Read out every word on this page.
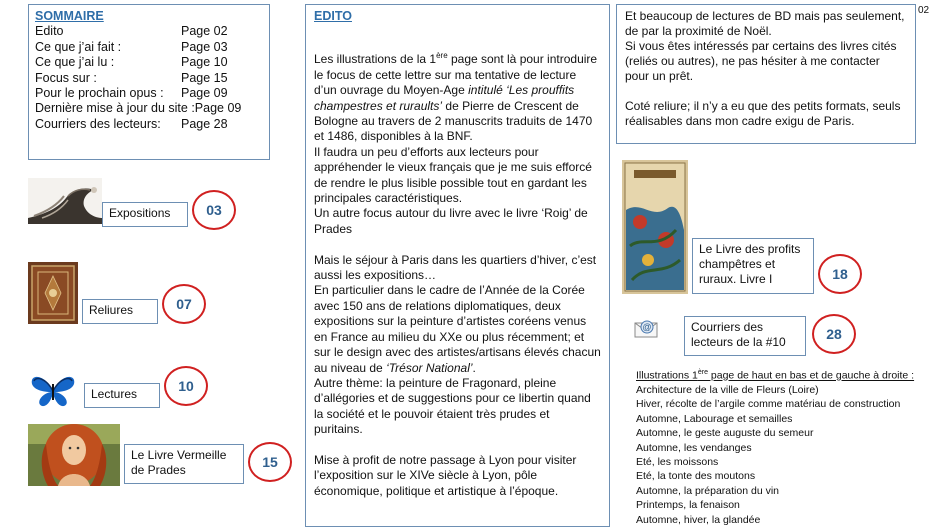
SOMMAIRE
Edito	Page 02
Ce que j’ai fait :	Page 03
Ce que j’ai lu :	Page 10
Focus sur :	Page 15
Pour le prochain opus :	Page 09
Dernière mise à jour du site : Page 09
Courriers des lecteurs:	Page 28
Expositions	03
Reliures	07
Lectures	10
Le Livre Vermeille de Prades	15
EDITO

Les illustrations de la 1ère page sont là pour introduire le focus de cette lettre sur ma tentative de lecture d’un ouvrage du Moyen-Age intitulé ‘Les prouffits champestres et ruraults’ de Pierre de Crescent de Bologne au travers de 2 manuscrits traduits de 1470 et 1486, disponibles à la BNF.

Il faudra un peu d’efforts aux lecteurs pour appréhender le vieux français que je me suis efforcé de rendre le plus lisible possible tout en gardant les principales caractéristiques.

Un autre focus autour du livre avec le livre ‘Roig’ de Prades

Mais le séjour à Paris dans les quartiers d’hiver, c’est aussi les expositions…

En particulier dans le cadre de l’Année de la Corée avec 150 ans de relations diplomatiques, deux expositions sur la peinture d’artistes coréens venus en France au milieu du XXe ou plus récemment; et sur le design avec des artistes/artisans élevés chacun au niveau de ‘Trésor National’.

Autre thème: la peinture de Fragonard, pleine d’allégories et de suggestions pour ce libertin quand la société et le pouvoir étaient très prudes et puritains.

Mise à profit de notre passage à Lyon pour visiter l’exposition sur le XIVe siècle à Lyon, pôle économique, politique et artistique à l’époque.

Et beaucoup de lectures de BD mais pas seulement, de par la proximité de Noël.

Si vous êtes intéressés par certains des livres cités (reliés ou autres), ne pas hésiter à me contacter pour un prêt.

Coté reliure; il n’y a eu que des petits formats, seuls réalisables dans mon cadre exigu de Paris.

02
Le Livre des profits champêtres et ruraux. Livre I	18
@	Courriers des lecteurs de la #10	28
Illustrations 1ère page de haut en bas et de gauche à droite :
Architecture de la ville de Fleurs (Loire)
Hiver, récolte de l’argile comme matériau de construction
Automne, Labourage et semailles
Automne, le geste auguste du semeur
Automne, les vendanges
Eté, les moissons
Eté, la tonte des moutons
Automne, la préparation du vin
Printemps, la fenaison
Automne, hiver, la glandée
